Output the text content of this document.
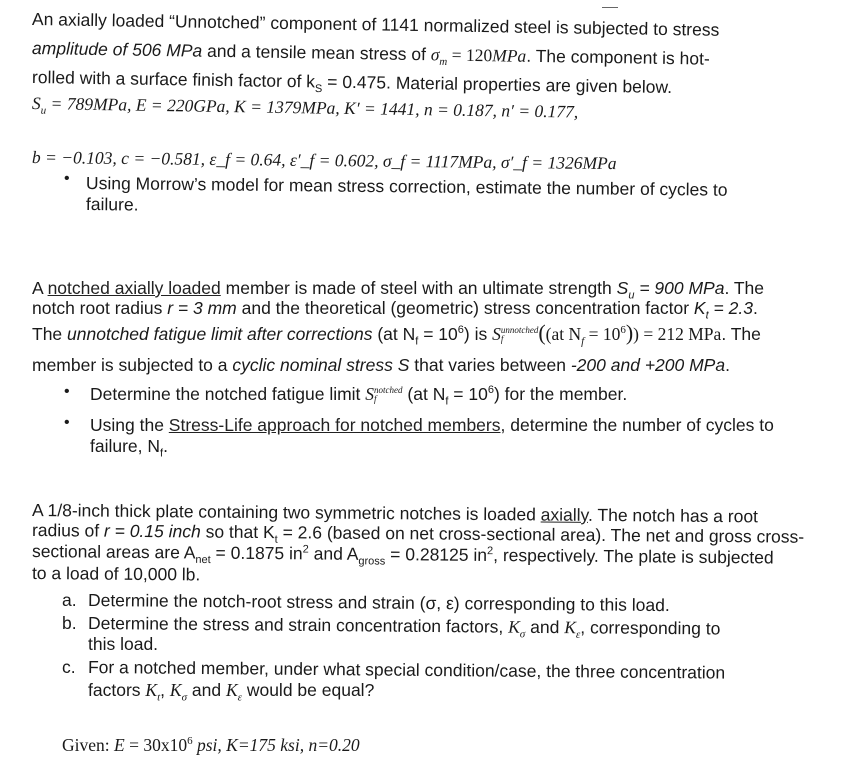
An axially loaded “Unnotched” component of 1141 normalized steel is subjected to stress
amplitude of 506 MPa and a tensile mean stress of $\sigma_m = 120MPa$. The component is hot-
rolled with a surface finish factor of $k_S = 0.475$. Material properties are given below.
$S_u = 789MPa$, E = 220GPa, K = 1379MPa, K′ = 1441, n = 0.187, n′ = 0.177,
b = −0.103, c = −0.581, ε_f = 0.64, ε′_f = 0.602, σ_f = 1117MPa, σ′_f = 1326MPa
• Using Morrow’s model for mean stress correction, estimate the number of cycles to
failure.
A notched axially loaded member is made of steel with an ultimate strength $S_u = 900$ MPa. The
notch root radius r = 3 mm and the theoretical (geometric) stress concentration factor $K_t = 2.3$.
The unnotched fatigue limit after corrections (at $N_f = 10^6$) is S unnotched
f	((at $N_f = 10^6)) = 212$ MPa. The
member is subjected to a cyclic nominal stress S that varies between -200 and +200 MPa.
• Determine the notched fatigue limit S notched
f	(at $N_f = 10^6$) for the member.
• Using the Stress-Life approach for notched members, determine the number of cycles to
failure, $N_f$.
A 1/8-inch thick plate containing two symmetric notches is loaded axially. The notch has a root
radius of r = 0.15 inch so that $K_t = 2.6$ (based on net cross-sectional area). The net and gross cross-
sectional areas are $A_{net} = 0.1875$ $in^2$ and $A_{gross} = 0.28125$ $in^2$, respectively. The plate is subjected
to a load of 10,000 lb.
a. Determine the notch-root stress and strain (σ, ε) corresponding to this load.
b. Determine the stress and strain concentration factors, $K_\sigma$ and $K_\varepsilon$, corresponding to
this load.
c. For a notched member, under what special condition/case, the three concentration
factors $K_t$, $K_\sigma$ and $K_\varepsilon$ would be equal?
Given: $E = 30x10^6$ psi, K=175 ksi, n=0.20
